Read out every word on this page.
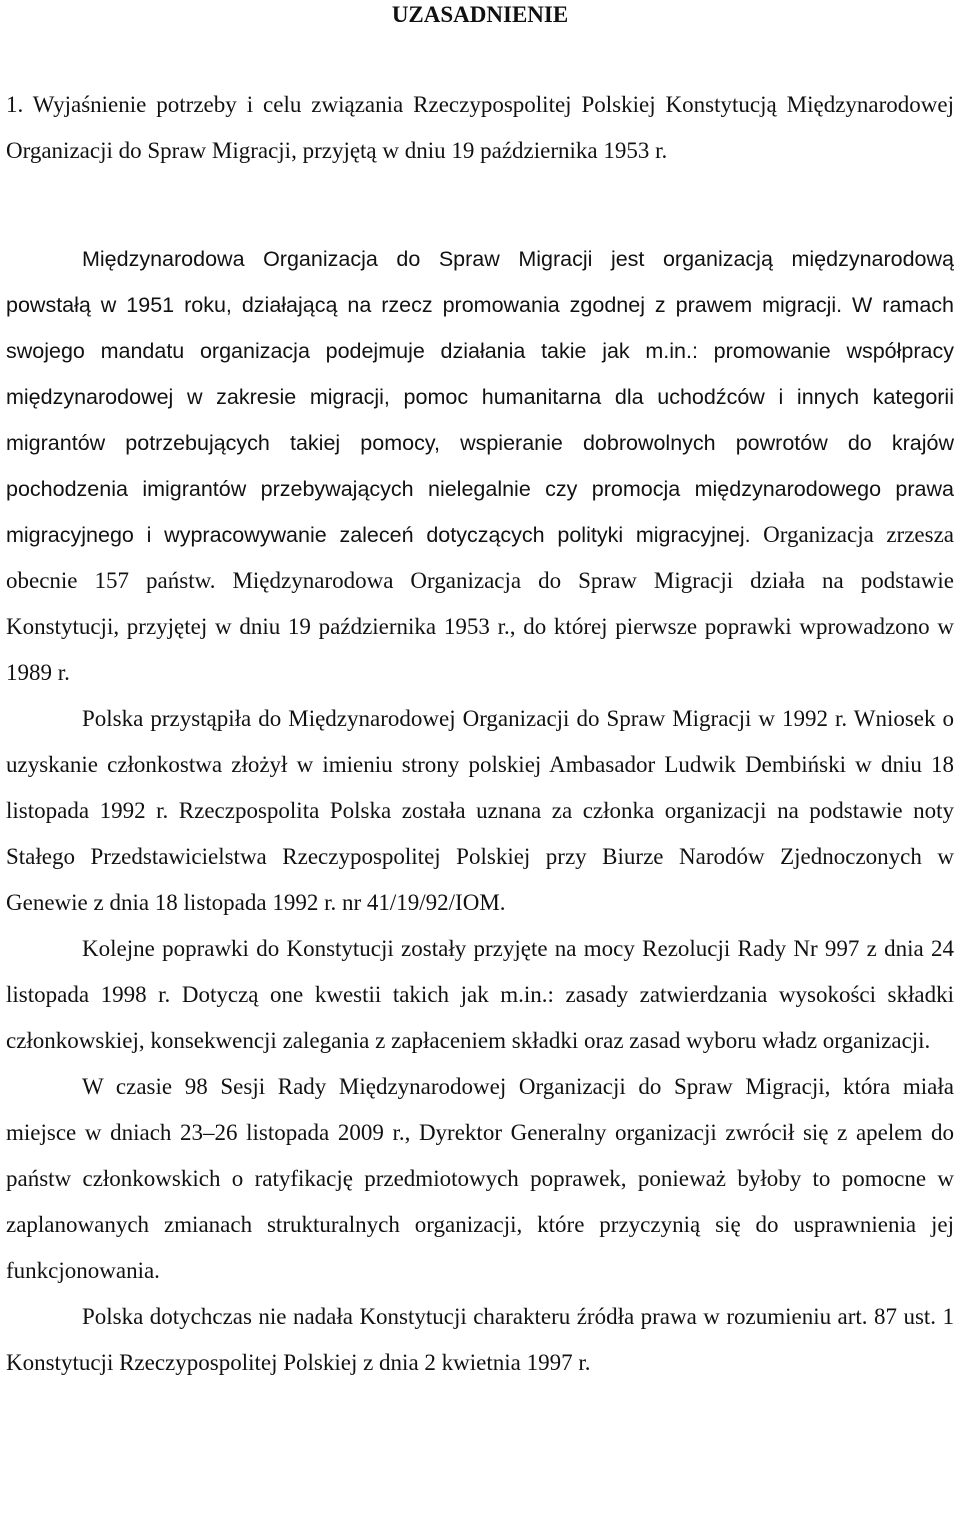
UZASADNIENIE

1. Wyjaśnienie potrzeby i celu związania Rzeczypospolitej Polskiej Konstytucją Międzynarodowej Organizacji do Spraw Migracji, przyjętą w dniu 19 października 1953 r.

Międzynarodowa Organizacja do Spraw Migracji jest organizacją międzynarodową powstałą w 1951 roku, działającą na rzecz promowania zgodnej z prawem migracji. W ramach swojego mandatu organizacja podejmuje działania takie jak m.in.: promowanie współpracy międzynarodowej w zakresie migracji, pomoc humanitarna dla uchodźców i innych kategorii migrantów potrzebujących takiej pomocy, wspieranie dobrowolnych powrotów do krajów pochodzenia imigrantów przebywających nielegalnie czy promocja międzynarodowego prawa migracyjnego i wypracowywanie zaleceń dotyczących polityki migracyjnej. Organizacja zrzesza obecnie 157 państw. Międzynarodowa Organizacja do Spraw Migracji działa na podstawie Konstytucji, przyjętej w dniu 19 października 1953 r., do której pierwsze poprawki wprowadzono w 1989 r.

Polska przystąpiła do Międzynarodowej Organizacji do Spraw Migracji w 1992 r. Wniosek o uzyskanie członkostwa złożył w imieniu strony polskiej Ambasador Ludwik Dembiński w dniu 18 listopada 1992 r. Rzeczpospolita Polska została uznana za członka organizacji na podstawie noty Stałego Przedstawicielstwa Rzeczypospolitej Polskiej przy Biurze Narodów Zjednoczonych w Genewie z dnia 18 listopada 1992 r. nr 41/19/92/IOM.

Kolejne poprawki do Konstytucji zostały przyjęte na mocy Rezolucji Rady Nr 997 z dnia 24 listopada 1998 r. Dotyczą one kwestii takich jak m.in.: zasady zatwierdzania wysokości składki członkowskiej, konsekwencji zalegania z zapłaceniem składki oraz zasad wyboru władz organizacji.

W czasie 98 Sesji Rady Międzynarodowej Organizacji do Spraw Migracji, która miała miejsce w dniach 23–26 listopada 2009 r., Dyrektor Generalny organizacji zwrócił się z apelem do państw członkowskich o ratyfikację przedmiotowych poprawek, ponieważ byłoby to pomocne w zaplanowanych zmianach strukturalnych organizacji, które przyczynią się do usprawnienia jej funkcjonowania.

Polska dotychczas nie nadała Konstytucji charakteru źródła prawa w rozumieniu art. 87 ust. 1 Konstytucji Rzeczypospolitej Polskiej z dnia 2 kwietnia 1997 r.
